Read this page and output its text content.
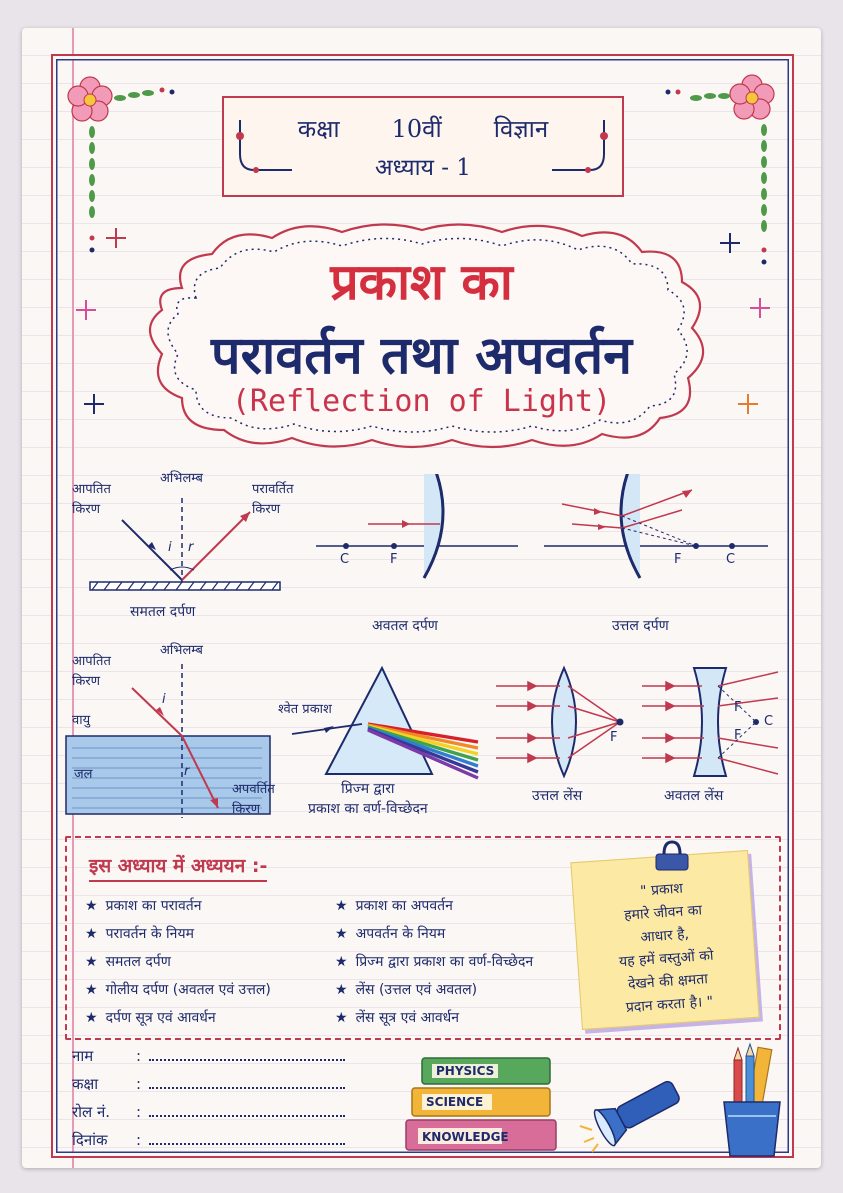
कक्षा 10वीं विज्ञान
अध्याय - 1
प्रकाश का
परावर्तन तथा अपवर्तन
(Reflection of Light)
आपतित
किरण
अभिलम्ब
परावर्तित
किरण
i r
समतल दर्पण
C	F
अवतल दर्पण
F	C
उत्तल दर्पण
आपतित
किरण
अभिलम्ब
वायु
जल
i
r
अपवर्तित
किरण
श्वेत प्रकाश
प्रिज्म द्वारा
प्रकाश का वर्ण-विच्छेदन
F
उत्तल लेंस
F
C
F
अवतल लेंस
इस अध्याय में अध्ययन :-
★ प्रकाश का परावर्तन
★ परावर्तन के नियम
★ समतल दर्पण
★ गोलीय दर्पण (अवतल एवं उत्तल)
★ दर्पण सूत्र एवं आवर्धन
★ प्रकाश का अपवर्तन
★ अपवर्तन के नियम
★ प्रिज्म द्वारा प्रकाश का वर्ण-विच्छेदन
★ लेंस (उत्तल एवं अवतल)
★ लेंस सूत्र एवं आवर्धन
" प्रकाश
हमारे जीवन का
आधार है,
यह हमें वस्तुओं को
देखने की क्षमता
प्रदान करता है। "
नाम	:
कक्षा	:
रोल नं. :
दिनांक :
PHYSICS
SCIENCE
KNOWLEDGE
